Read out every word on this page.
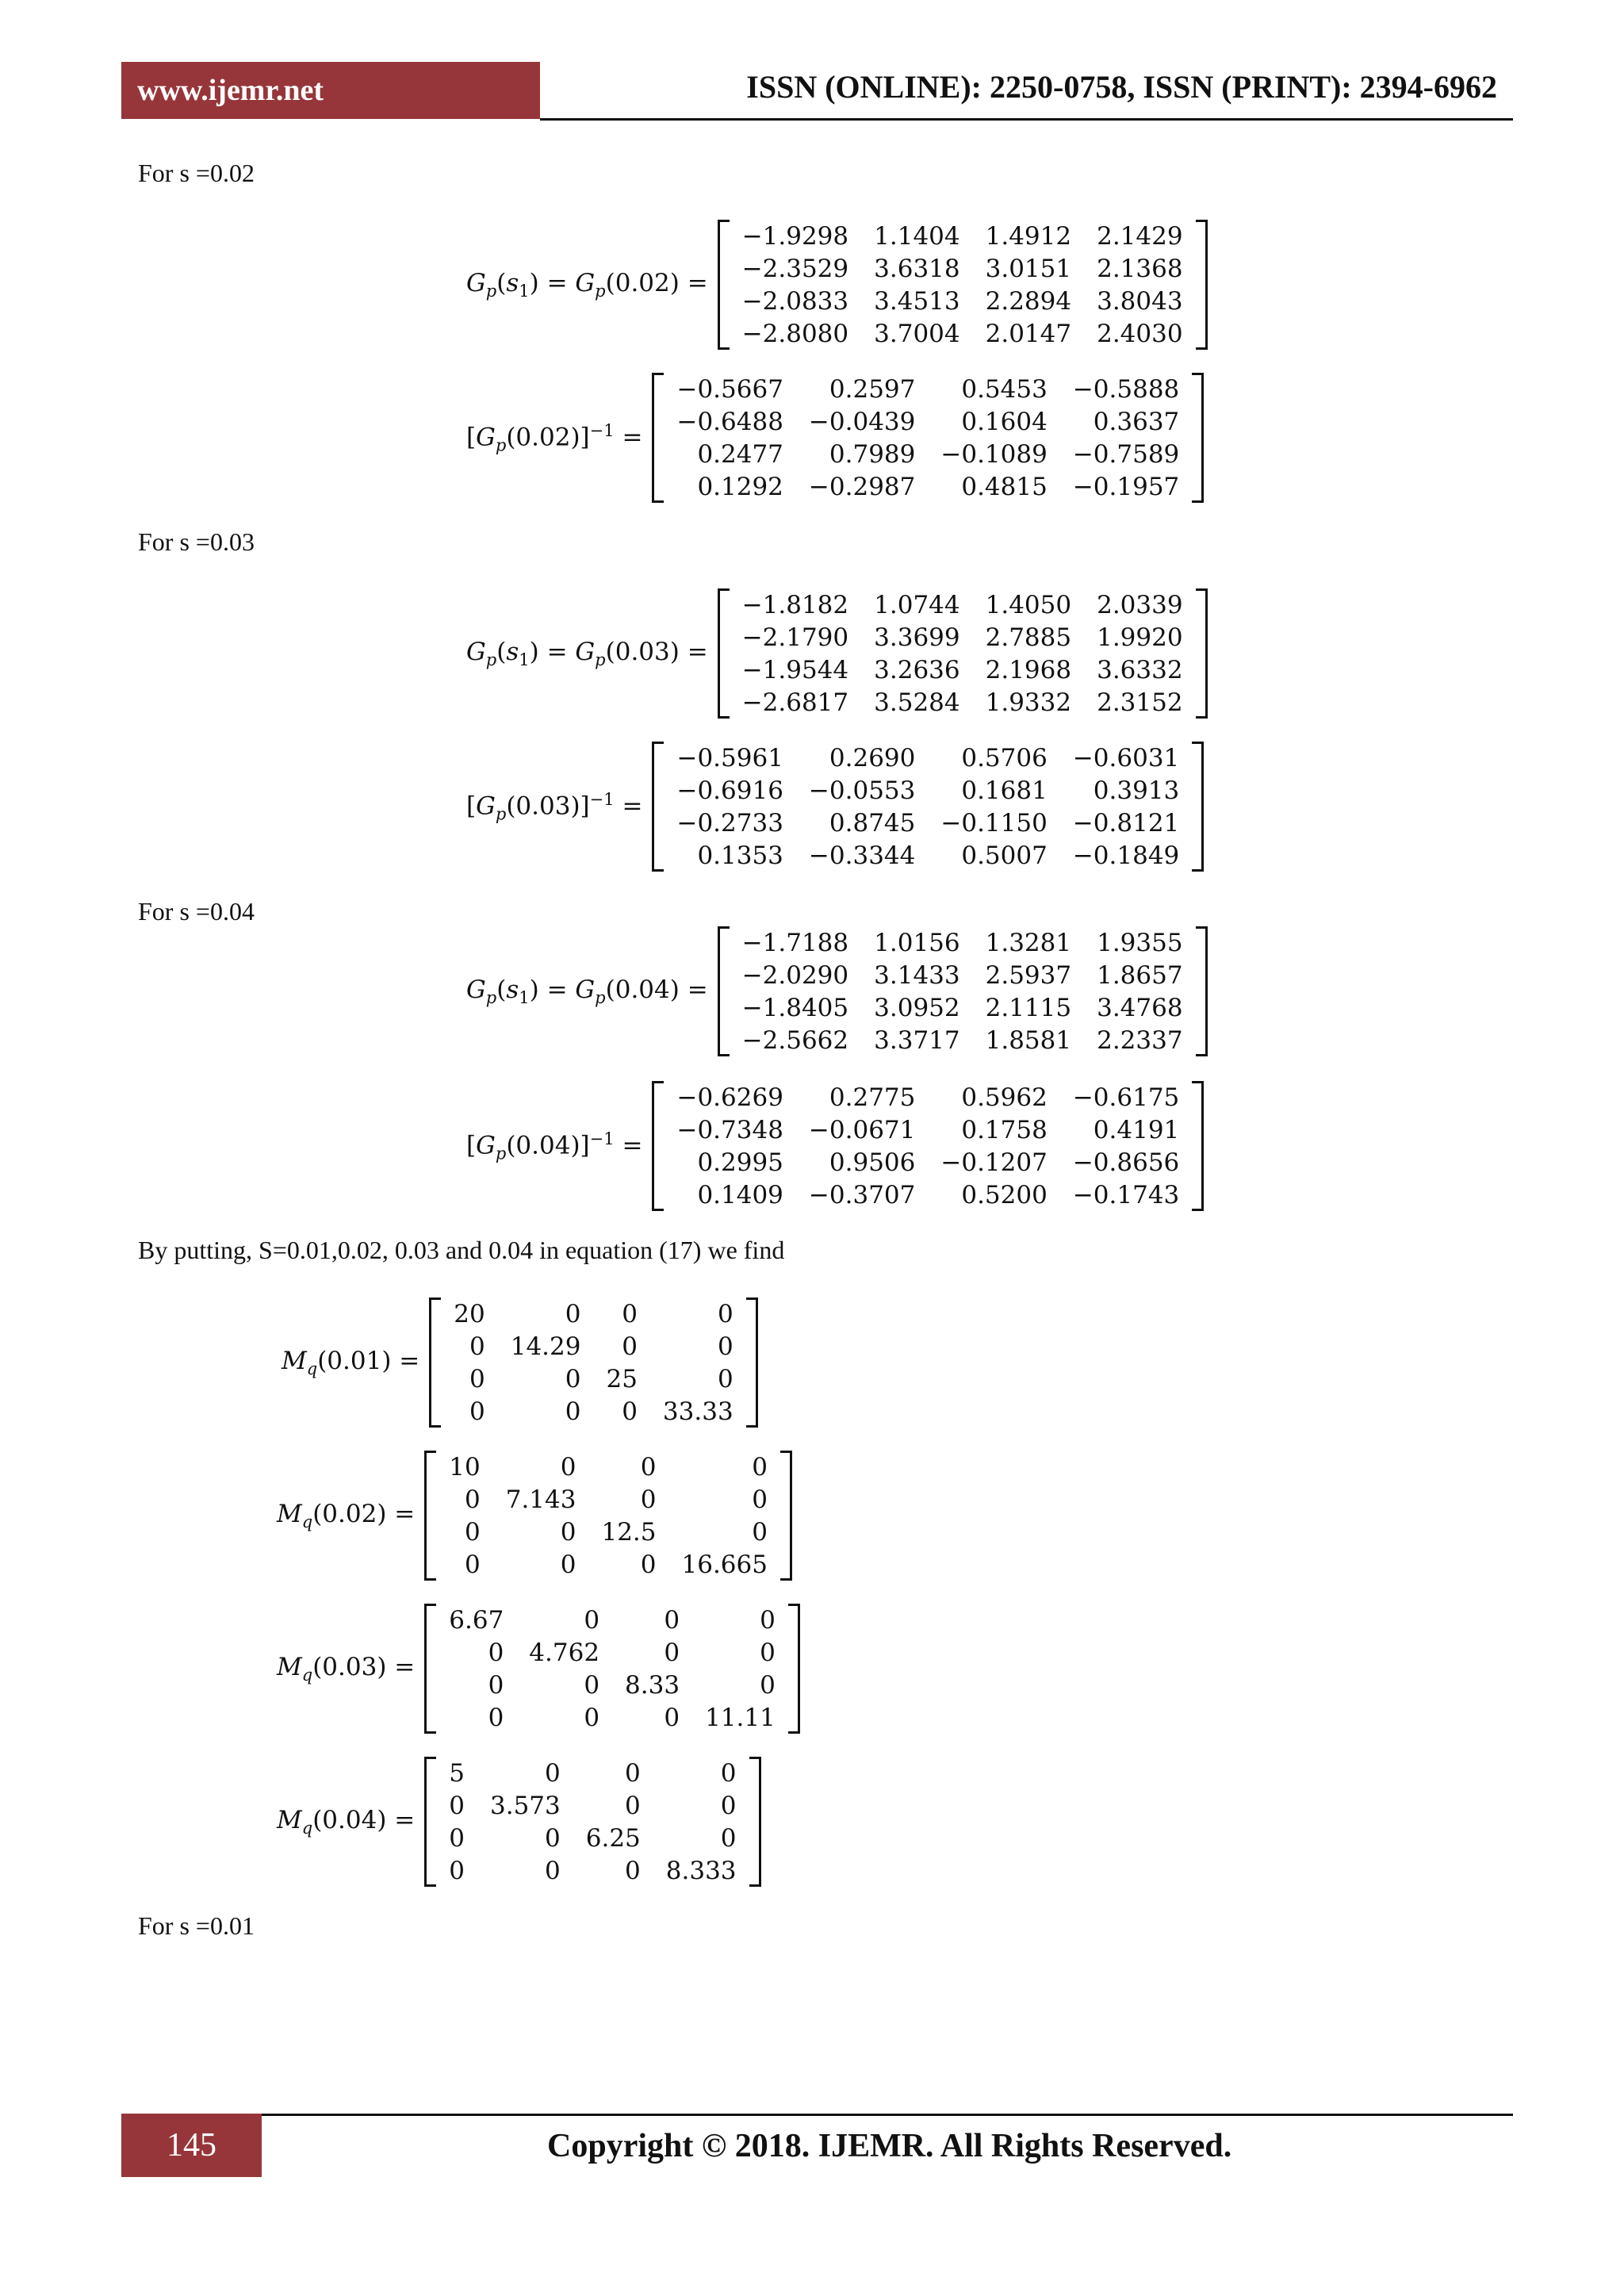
www.ijemr.net	ISSN (ONLINE): 2250-0758, ISSN (PRINT): 2394-6962
For s =0.02
$G_p(s_1) = G_p(0.02)$ =
−1.9298	1.1404	1.4912	2.1429
−2.3529	3.6318	3.0151	2.1368
−2.0833	3.4513	2.2894	3.8043
−2.8080	3.7004	2.0147	2.4030
$[G_p(0.02)]^{-1}$ =
−0.5667	0.2597	0.5453	−0.5888
−0.6488	−0.0439	0.1604	0.3637
0.2477	0.7989	−0.1089	−0.7589
0.1292	−0.2987	0.4815	−0.1957
For s =0.03
$G_p(s_1) = G_p(0.03)$ =
−1.8182	1.0744	1.4050	2.0339
−2.1790	3.3699	2.7885	1.9920
−1.9544	3.2636	2.1968	3.6332
−2.6817	3.5284	1.9332	2.3152
$[G_p(0.03)]^{-1}$ =
−0.5961	0.2690	0.5706	−0.6031
−0.6916	−0.0553	0.1681	0.3913
−0.2733	0.8745	−0.1150	−0.8121
0.1353	−0.3344	0.5007	−0.1849
For s =0.04
$G_p(s_1) = G_p(0.04)$ =
−1.7188	1.0156	1.3281	1.9355
−2.0290	3.1433	2.5937	1.8657
−1.8405	3.0952	2.1115	3.4768
−2.5662	3.3717	1.8581	2.2337
$[G_p(0.04)]^{-1}$ =
−0.6269	0.2775	0.5962	−0.6175
−0.7348	−0.0671	0.1758	0.4191
0.2995	0.9506	−0.1207	−0.8656
0.1409	−0.3707	0.5200	−0.1743
By putting, S=0.01,0.02, 0.03 and 0.04 in equation (17) we find
$M_q(0.01)$ =
20	0	0	0
0	14.29	0	0
0	0	25	0
0	0	0	33.33
$M_q(0.02)$ =
10	0	0	0
0	7.143	0	0
0	0	12.5	0
0	0	0	16.665
$M_q(0.03)$ =
6.67	0	0	0
0	4.762	0	0
0	0	8.33	0
0	0	0	11.11
$M_q(0.04)$ =
5	0	0	0
0	3.573	0	0
0	0	6.25	0
0	0	0	8.333
For s =0.01
145	Copyright © 2018. IJEMR. All Rights Reserved.
